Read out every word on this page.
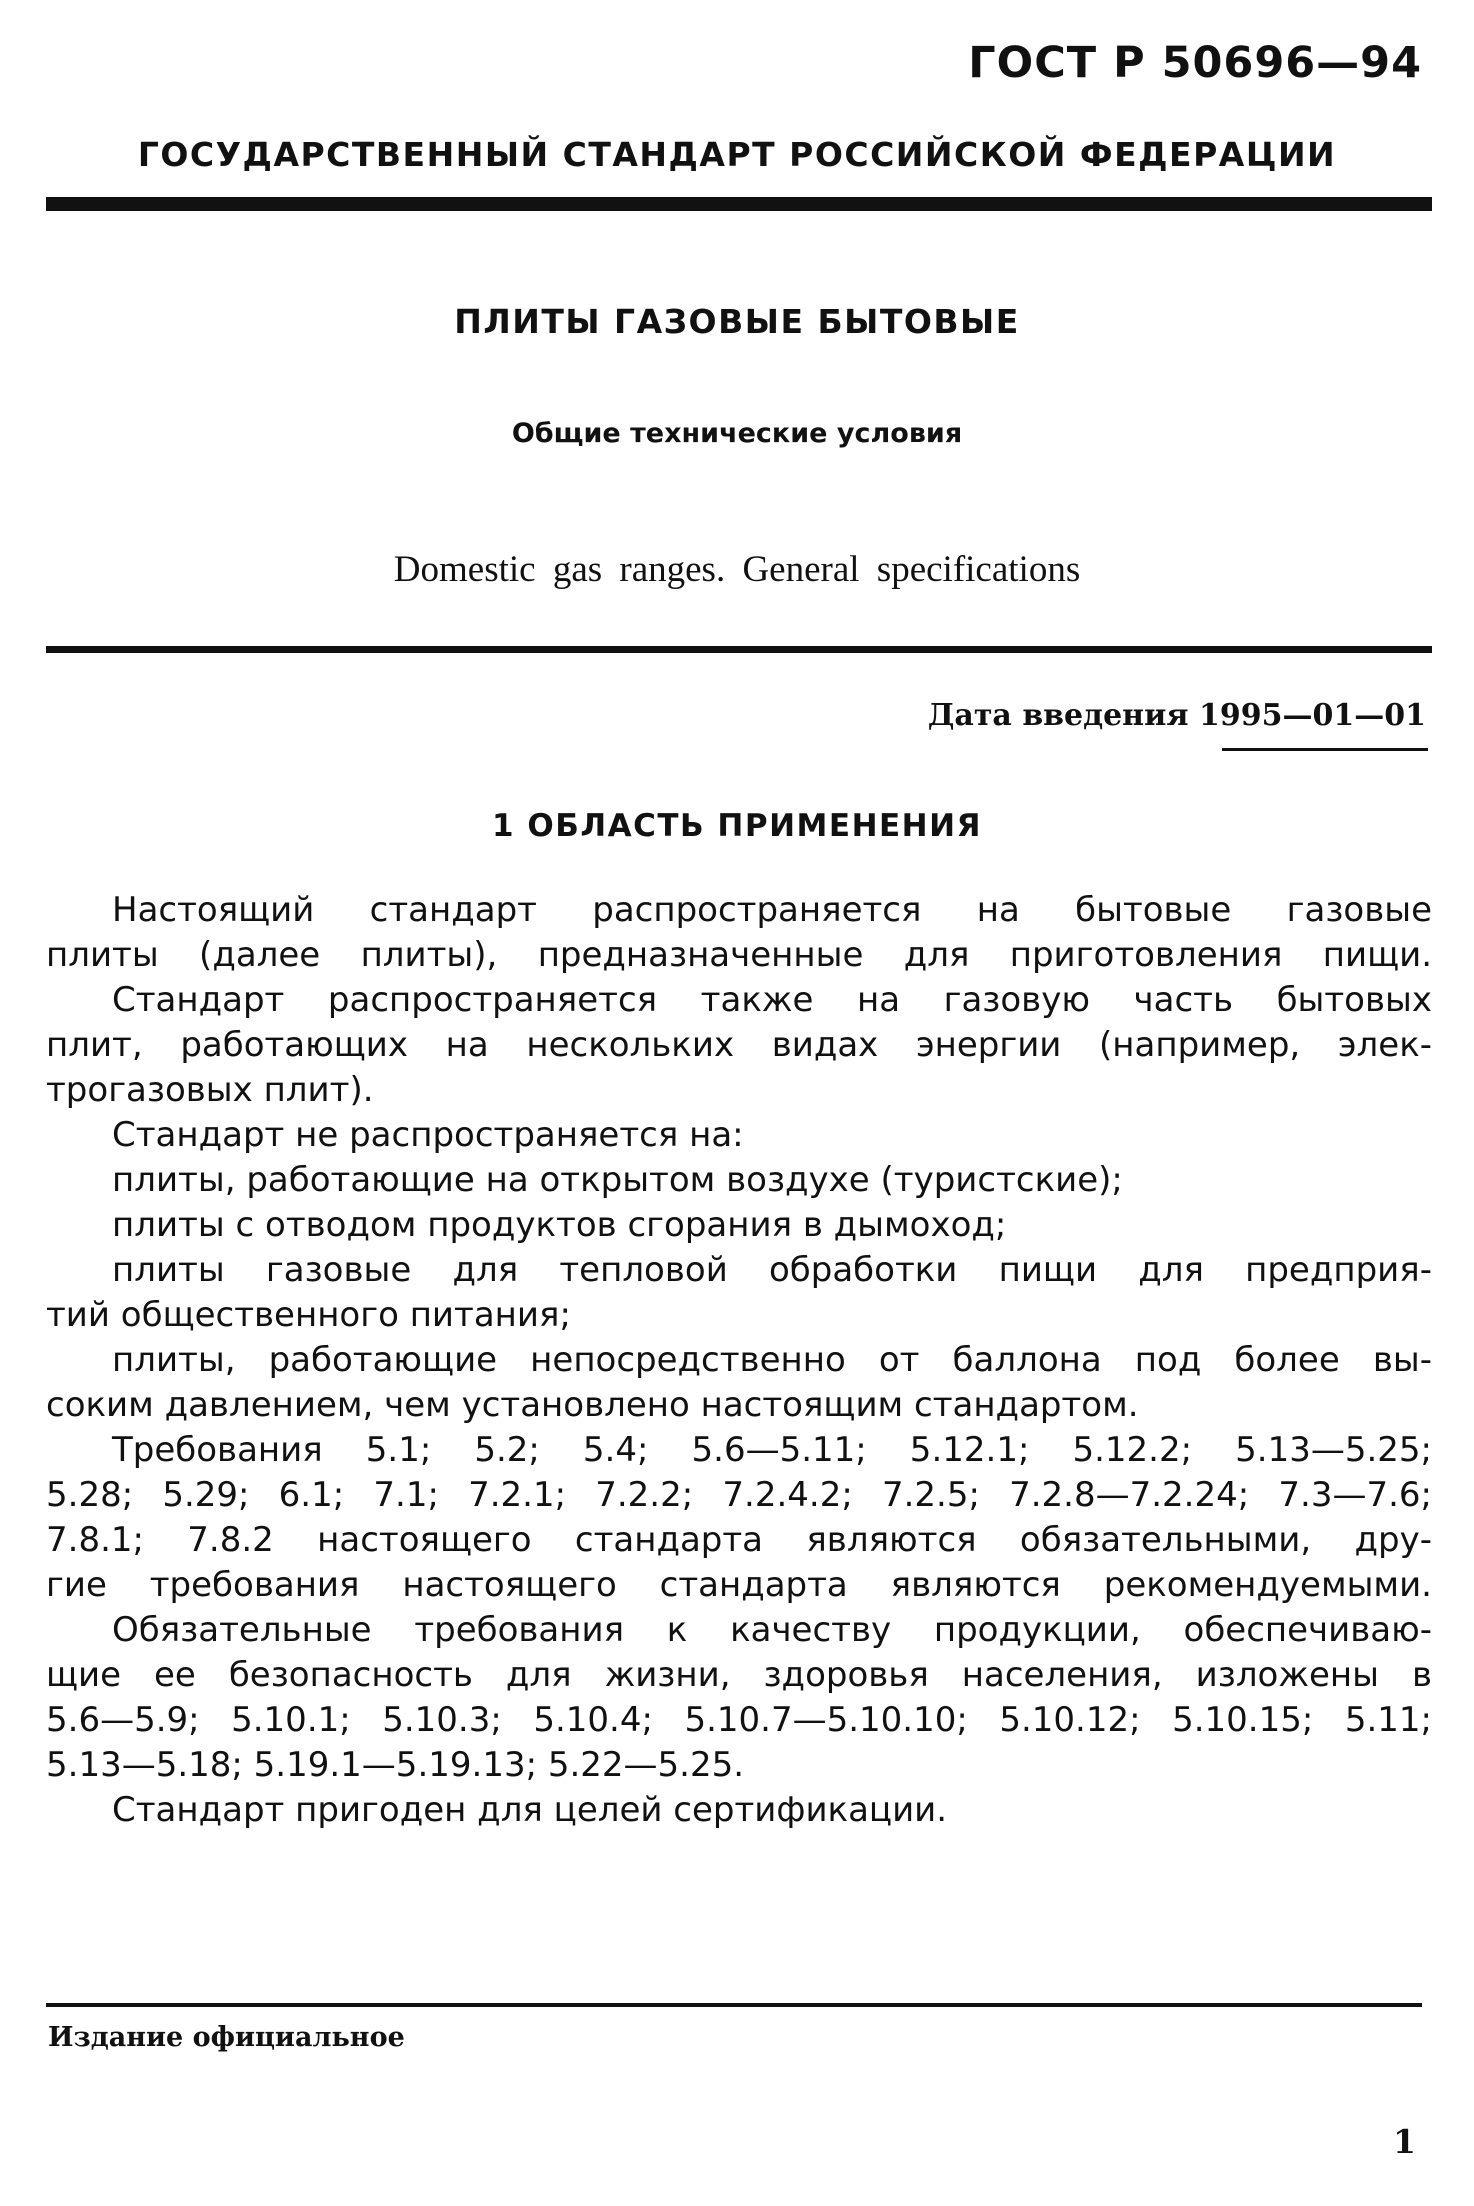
ГОСТ Р 50696—94
ГОСУДАРСТВЕННЫЙ СТАНДАРТ РОССИЙСКОЙ ФЕДЕРАЦИИ
ПЛИТЫ ГАЗОВЫЕ БЫТОВЫЕ
Общие технические условия
Domestic gas ranges. General specifications
Дата введения 1995—01—01
1 ОБЛАСТЬ ПРИМЕНЕНИЯ
Настоящий стандарт распространяется на бытовые газовые
плиты (далее плиты), предназначенные для приготовления пищи.
Стандарт распространяется также на газовую часть бытовых
плит, работающих на нескольких видах энергии (например, элек-
трогазовых плит).
Стандарт не распространяется на:
плиты, работающие на открытом воздухе (туристские);
плиты с отводом продуктов сгорания в дымоход;
плиты газовые для тепловой обработки пищи для предприя-
тий общественного питания;
плиты, работающие непосредственно от баллона под более вы-
соким давлением, чем установлено настоящим стандартом.
Требования 5.1; 5.2; 5.4; 5.6—5.11; 5.12.1; 5.12.2; 5.13—5.25;
5.28; 5.29; 6.1; 7.1; 7.2.1; 7.2.2; 7.2.4.2; 7.2.5; 7.2.8—7.2.24; 7.3—7.6;
7.8.1; 7.8.2 настоящего стандарта являются обязательными, дру-
гие требования настоящего стандарта являются рекомендуемыми.
Обязательные требования к качеству продукции, обеспечиваю-
щие ее безопасность для жизни, здоровья населения, изложены в
5.6—5.9; 5.10.1; 5.10.3; 5.10.4; 5.10.7—5.10.10; 5.10.12; 5.10.15; 5.11;
5.13—5.18; 5.19.1—5.19.13; 5.22—5.25.
Стандарт пригоден для целей сертификации.
Издание официальное
1
